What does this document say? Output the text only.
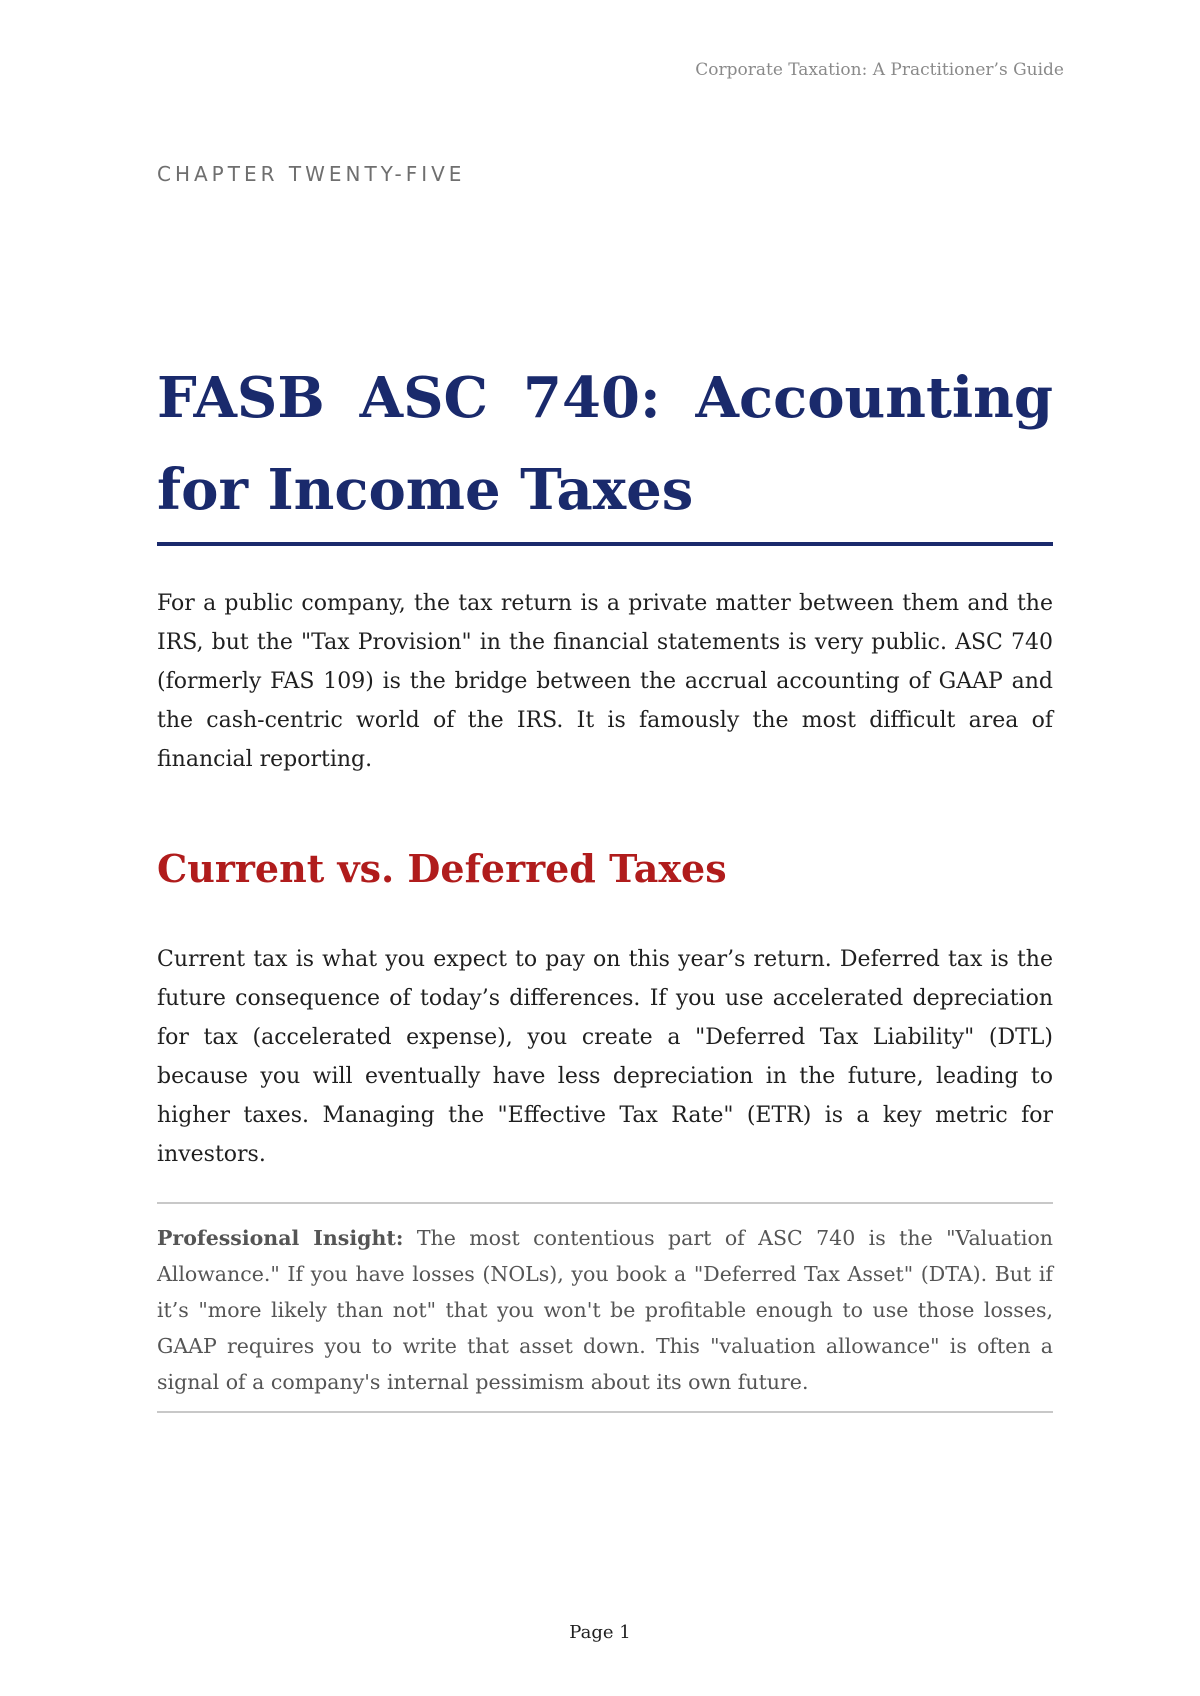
Corporate Taxation: A Practitioner’s Guide
CHAPTER TWENTY-FIVE
FASB ASC 740: Accounting for Income Taxes

For a public company, the tax return is a private matter between them and the IRS, but the "Tax Provision" in the financial statements is very public. ASC 740 (formerly FAS 109) is the bridge between the accrual accounting of GAAP and the cash-centric world of the IRS. It is famously the most difficult area of financial reporting.

Current vs. Deferred Taxes

Current tax is what you expect to pay on this year’s return. Deferred tax is the future consequence of today’s differences. If you use accelerated depreciation for tax (accelerated expense), you create a "Deferred Tax Liability" (DTL) because you will eventually have less depreciation in the future, leading to higher taxes. Managing the "Effective Tax Rate" (ETR) is a key metric for investors.

Professional Insight: The most contentious part of ASC 740 is the "Valuation Allowance." If you have losses (NOLs), you book a "Deferred Tax Asset" (DTA). But if it’s "more likely than not" that you won't be profitable enough to use those losses, GAAP requires you to write that asset down. This "valuation allowance" is often a signal of a company's internal pessimism about its own future.

Page 1
